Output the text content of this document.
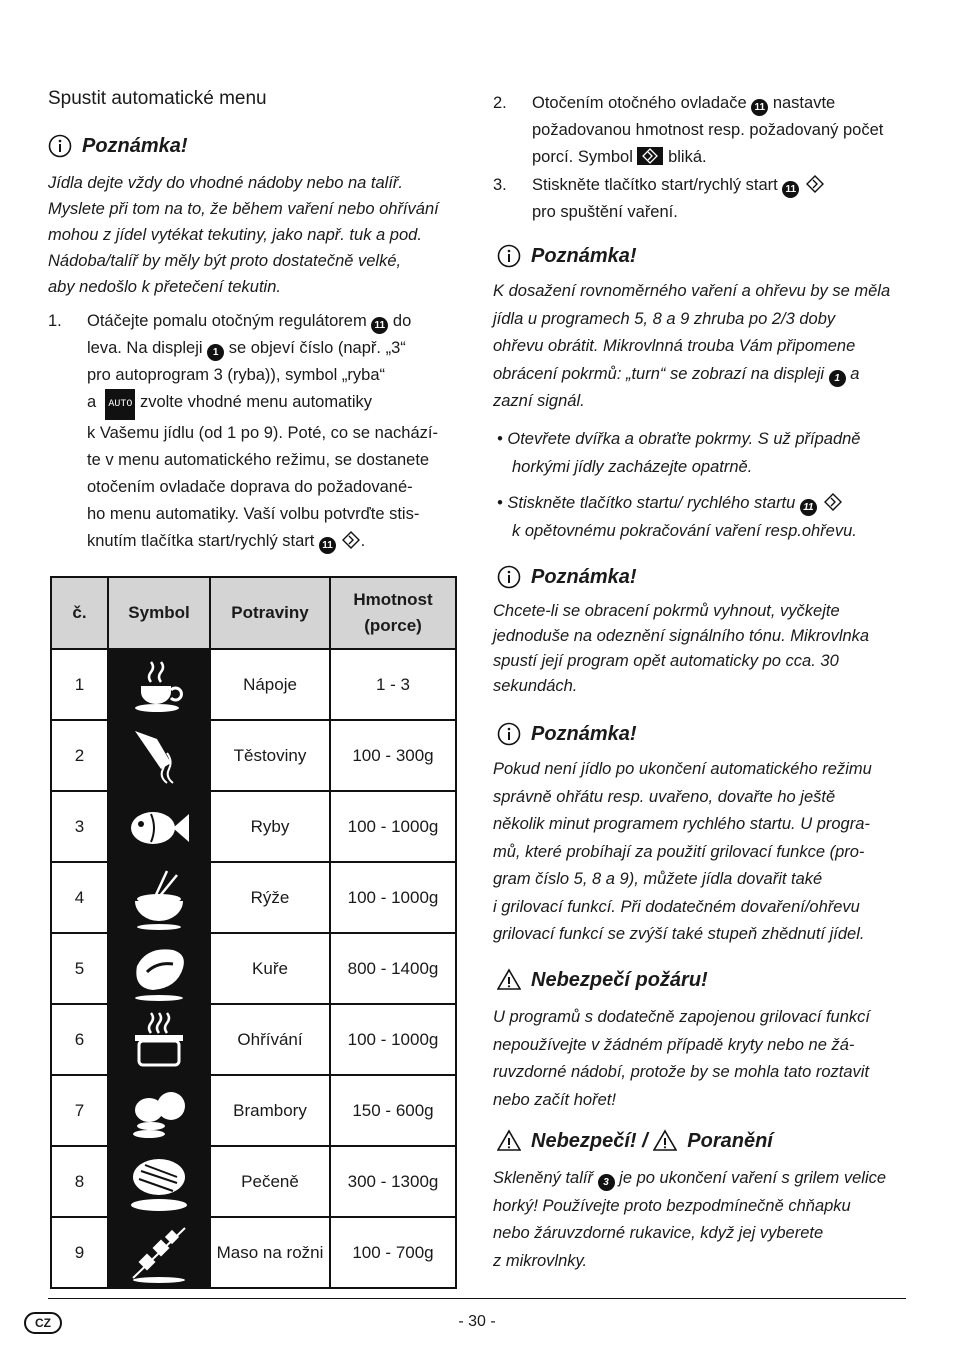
Spustit automatické menu
Poznámka!
Jídla dejte vždy do vhodné nádoby nebo na talíř.
Myslete při tom na to, že během vaření nebo ohřívání
mohou z jídel vytékat tekutiny, jako např. tuk a pod.
Nádoba/talíř by měly být proto dostatečně velké,
aby nedošlo k přetečení tekutin.
1. Otáčejte pomalu otočným regulátorem 11 do
leva. Na displeji 1 se objeví číslo (např. „3“
pro autoprogram 3 (ryba)), symbol „ryba“
a AUTO zvolte vhodné menu automatiky
k Vašemu jídlu (od 1 po 9). Poté, co se nachází-
te v menu automatického režimu, se dostanete
otočením ovladače doprava do požadované-
ho menu automatiky. Vaší volbu potvrďte stis-
knutím tlačítka start/rychlý start 11 .
č.	Symbol	Potraviny	Hmotnost (porce)
1		Nápoje	1 - 3
2		Těstoviny	100 - 300g
3		Ryby	100 - 1000g
4		Rýže	100 - 1000g
5		Kuře	800 - 1400g
6		Ohřívání	100 - 1000g
7		Brambory	150 - 600g
8		Pečeně	300 - 1300g
9		Maso na rožni	100 - 700g
2. Otočením otočného ovladače 11 nastavte
požadovanou hmotnost resp. požadovaný počet
porcí. Symbol bliká.
3. Stiskněte tlačítko start/rychlý start 11
pro spuštění vaření.
Poznámka!
K dosažení rovnoměrného vaření a ohřevu by se měla
jídla u programech 5, 8 a 9 zhruba po 2/3 doby
ohřevu obrátit. Mikrovlnná trouba Vám připomene
obrácení pokrmů: „turn“ se zobrazí na displeji 1 a
zazní signál.
• Otevřete dvířka a obraťte pokrmy. S už případně
horkými jídly zacházejte opatrně.
• Stiskněte tlačítko startu/ rychlého startu 11
k opětovnému pokračování vaření resp.ohřevu.
Poznámka!
Chcete-li se obracení pokrmů vyhnout, vyčkejte
jednoduše na odeznění signálního tónu. Mikrovlnka
spustí její program opět automaticky po cca. 30
sekundách.
Poznámka!
Pokud není jídlo po ukončení automatického režimu
správně ohřátu resp. uvařeno, dovařte ho ještě
několik minut programem rychlého startu. U progra-
mů, které probíhají za použití grilovací funkce (pro-
gram číslo 5, 8 a 9), můžete jídla dovařit také
i grilovací funkcí. Při dodatečném dovaření/ohřevu
grilovací funkcí se zvýší také stupeň zhědnutí jídel.
Nebezpečí požáru!
U programů s dodatečně zapojenou grilovací funkcí
nepoužívejte v žádném případě kryty nebo ne žá-
ruvzdorné nádobí, protože by se mohla tato roztavit
nebo začít hořet!
Nebezpečí! /
Poranění
Skleněný talíř 3 je po ukončení vaření s grilem velice
horký! Používejte proto bezpodmínečně chňapku
nebo žáruvzdorné rukavice, když jej vyberete
z mikrovlnky.
CZ	- 30 -
